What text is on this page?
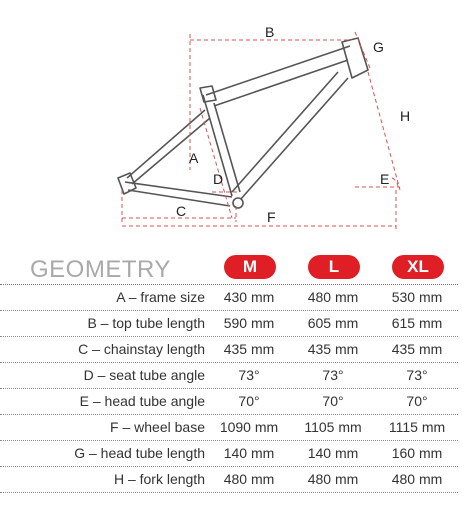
B
G
H
A
D	E
C	F
GEOMETRY	M	L	XL
A – frame size	430 mm	480 mm	530 mm
B – top tube length	590 mm	605 mm	615 mm
C – chainstay length	435 mm	435 mm	435 mm
D – seat tube angle	73°	73°	73°
E – head tube angle	70°	70°	70°
F – wheel base	1090 mm	1105 mm	1115 mm
G – head tube length	140 mm	140 mm	160 mm
H – fork length	480 mm	480 mm	480 mm
